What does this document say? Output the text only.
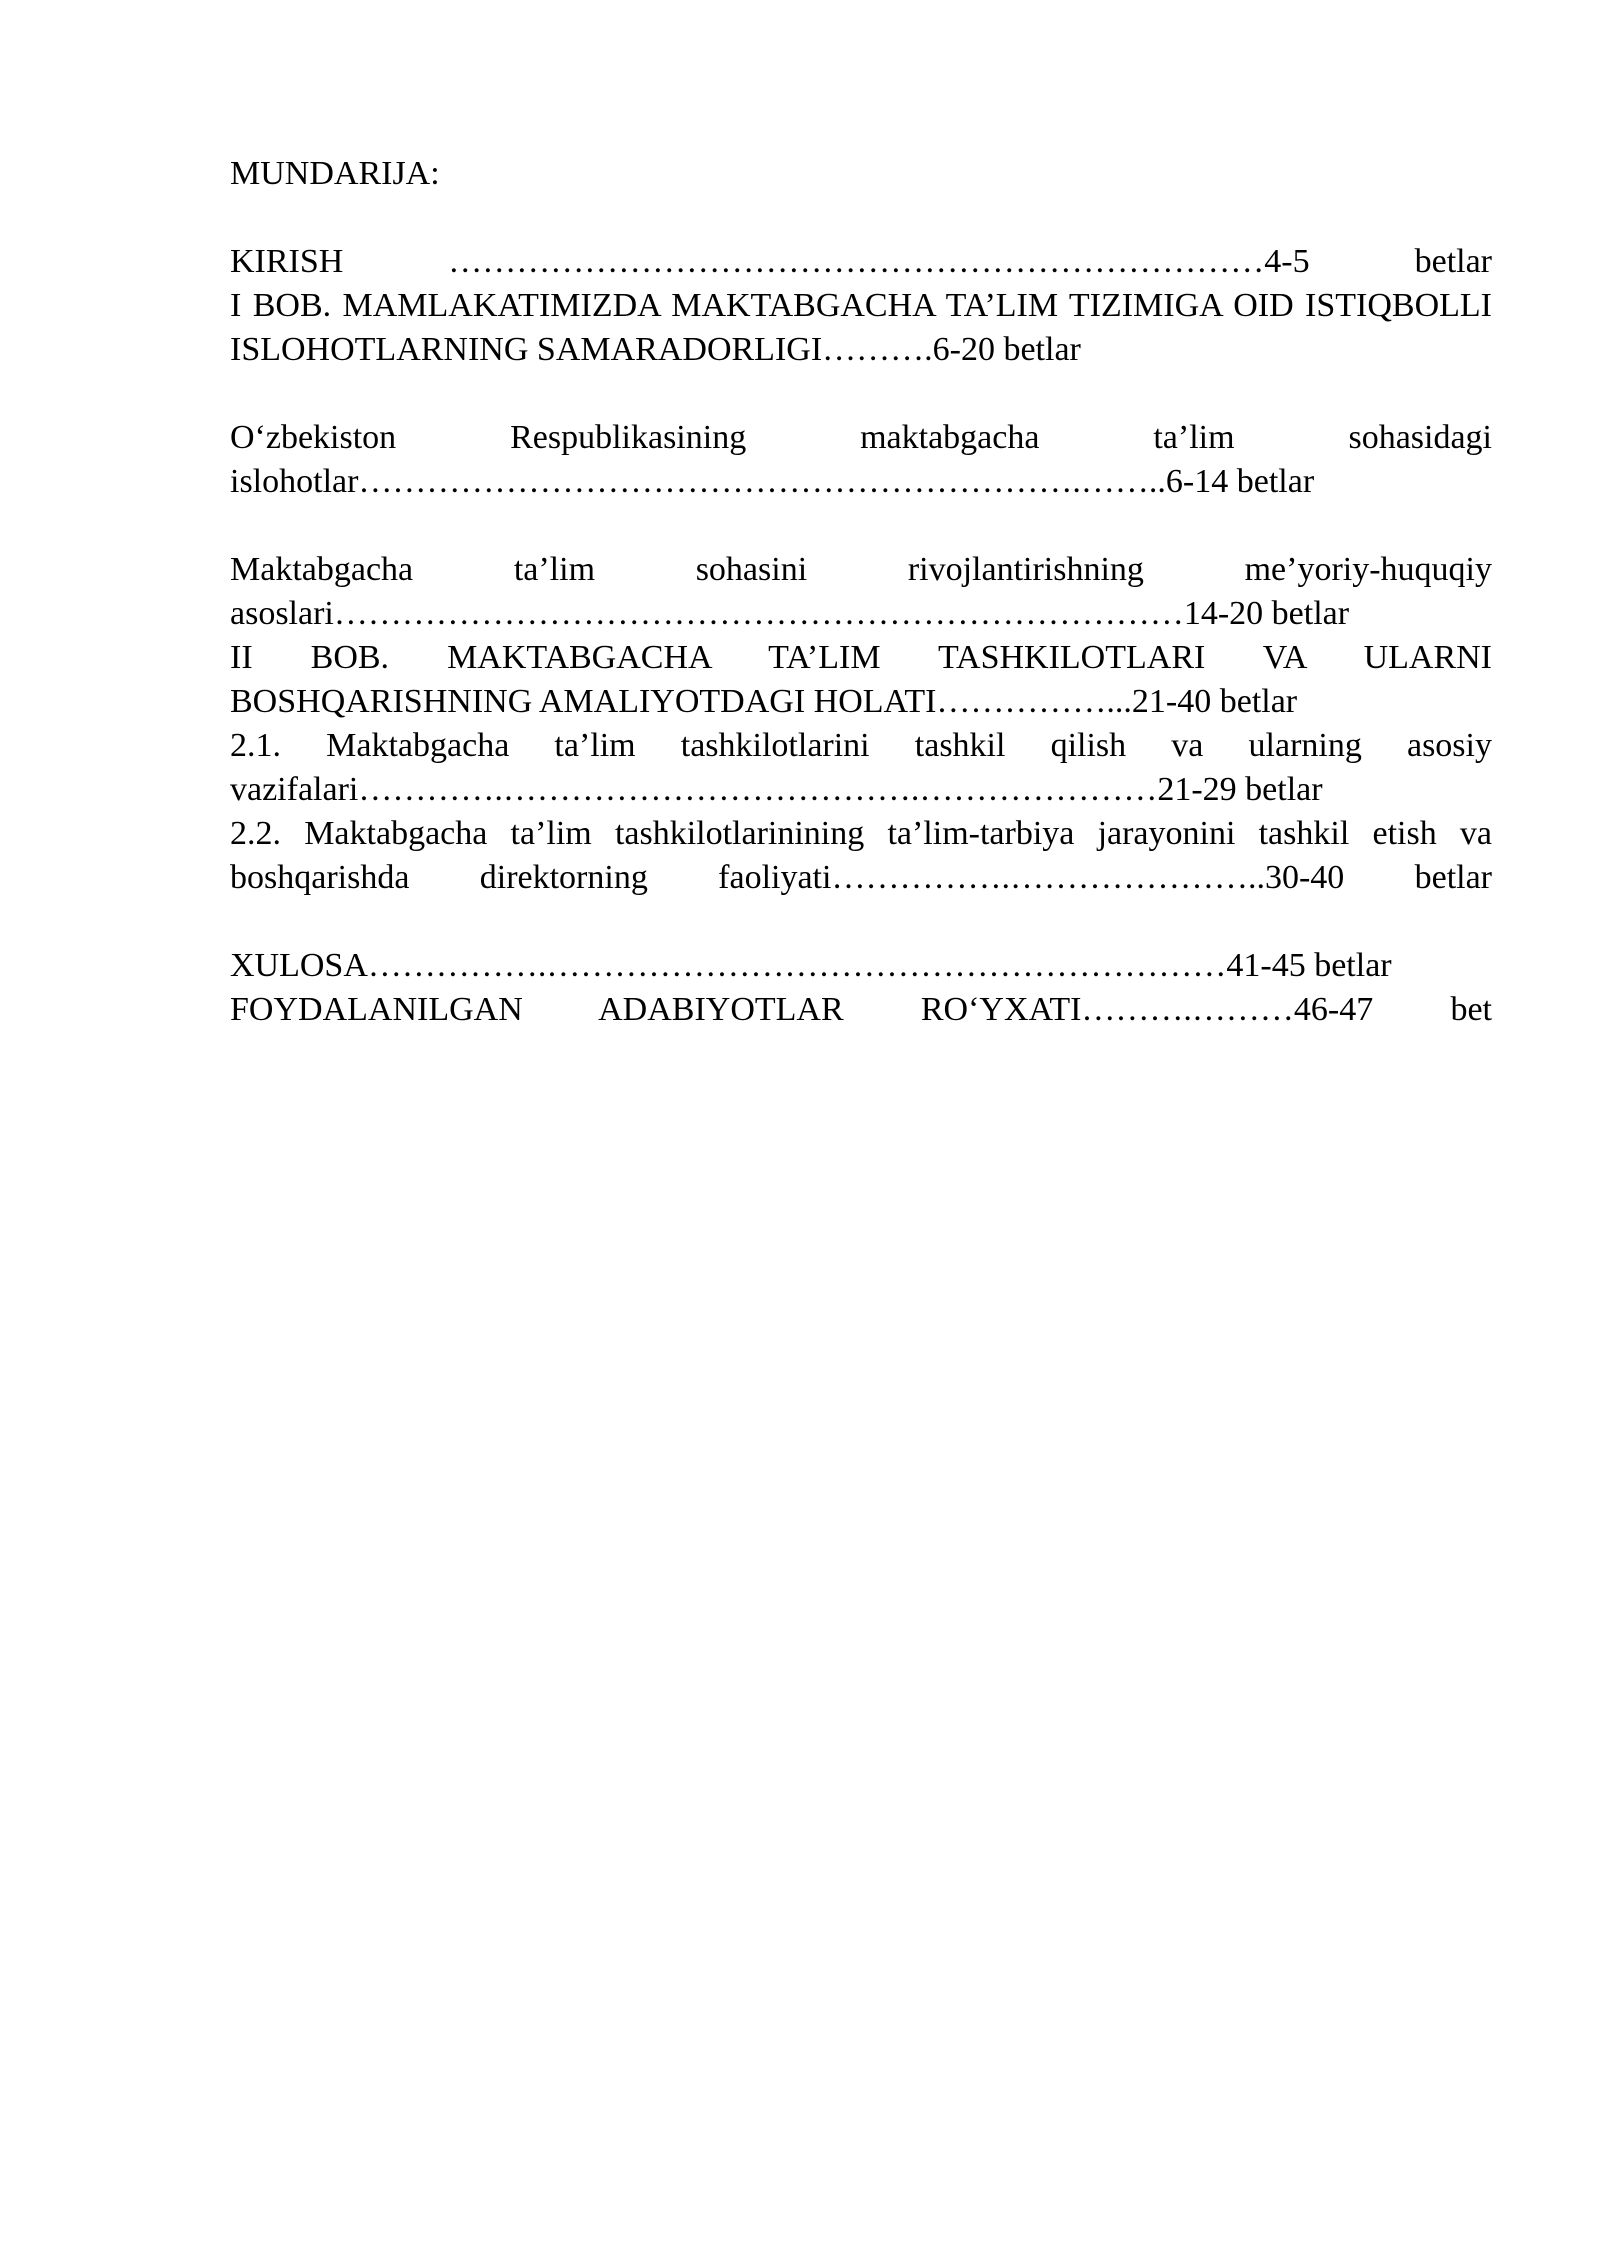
MUNDARIJA:

KIRISH ………………………………………………………………4-5 betlar

I BOB. MAMLAKATIMIZDA MAKTABGACHA TA’LIM TIZIMIGA OID ISTIQBOLLI ISLOHOTLARNING SAMARADORLIGI……….6-20 betlar

O‘zbekiston Respublikasining maktabgacha ta’lim sohasidagi islohotlar……………………………………………………….……..6-14 betlar

Maktabgacha ta’lim sohasini rivojlantirishning me’yoriy-huquqiy asoslari…………………………………………………………………14-20 betlar

II BOB. MAKTABGACHA TA’LIM TASHKILOTLARI VA ULARNI BOSHQARISHNING AMALIYOTDAGI HOLATI……………...21-40 betlar

2.1. Maktabgacha ta’lim tashkilotlarini tashkil qilish va ularning asosiy vazifalari………….……………………………….…………………21-29 betlar

2.2. Maktabgacha ta’lim tashkilotlarinining ta’lim-tarbiya jarayonini tashkil etish va boshqarishda direktorning faoliyati…………….…………………..30-40 betlar

XULOSA…………….……………………………………………………41-45 betlar

FOYDALANILGAN ADABIYOTLAR RO‘YXATI……….………46-47 bet
